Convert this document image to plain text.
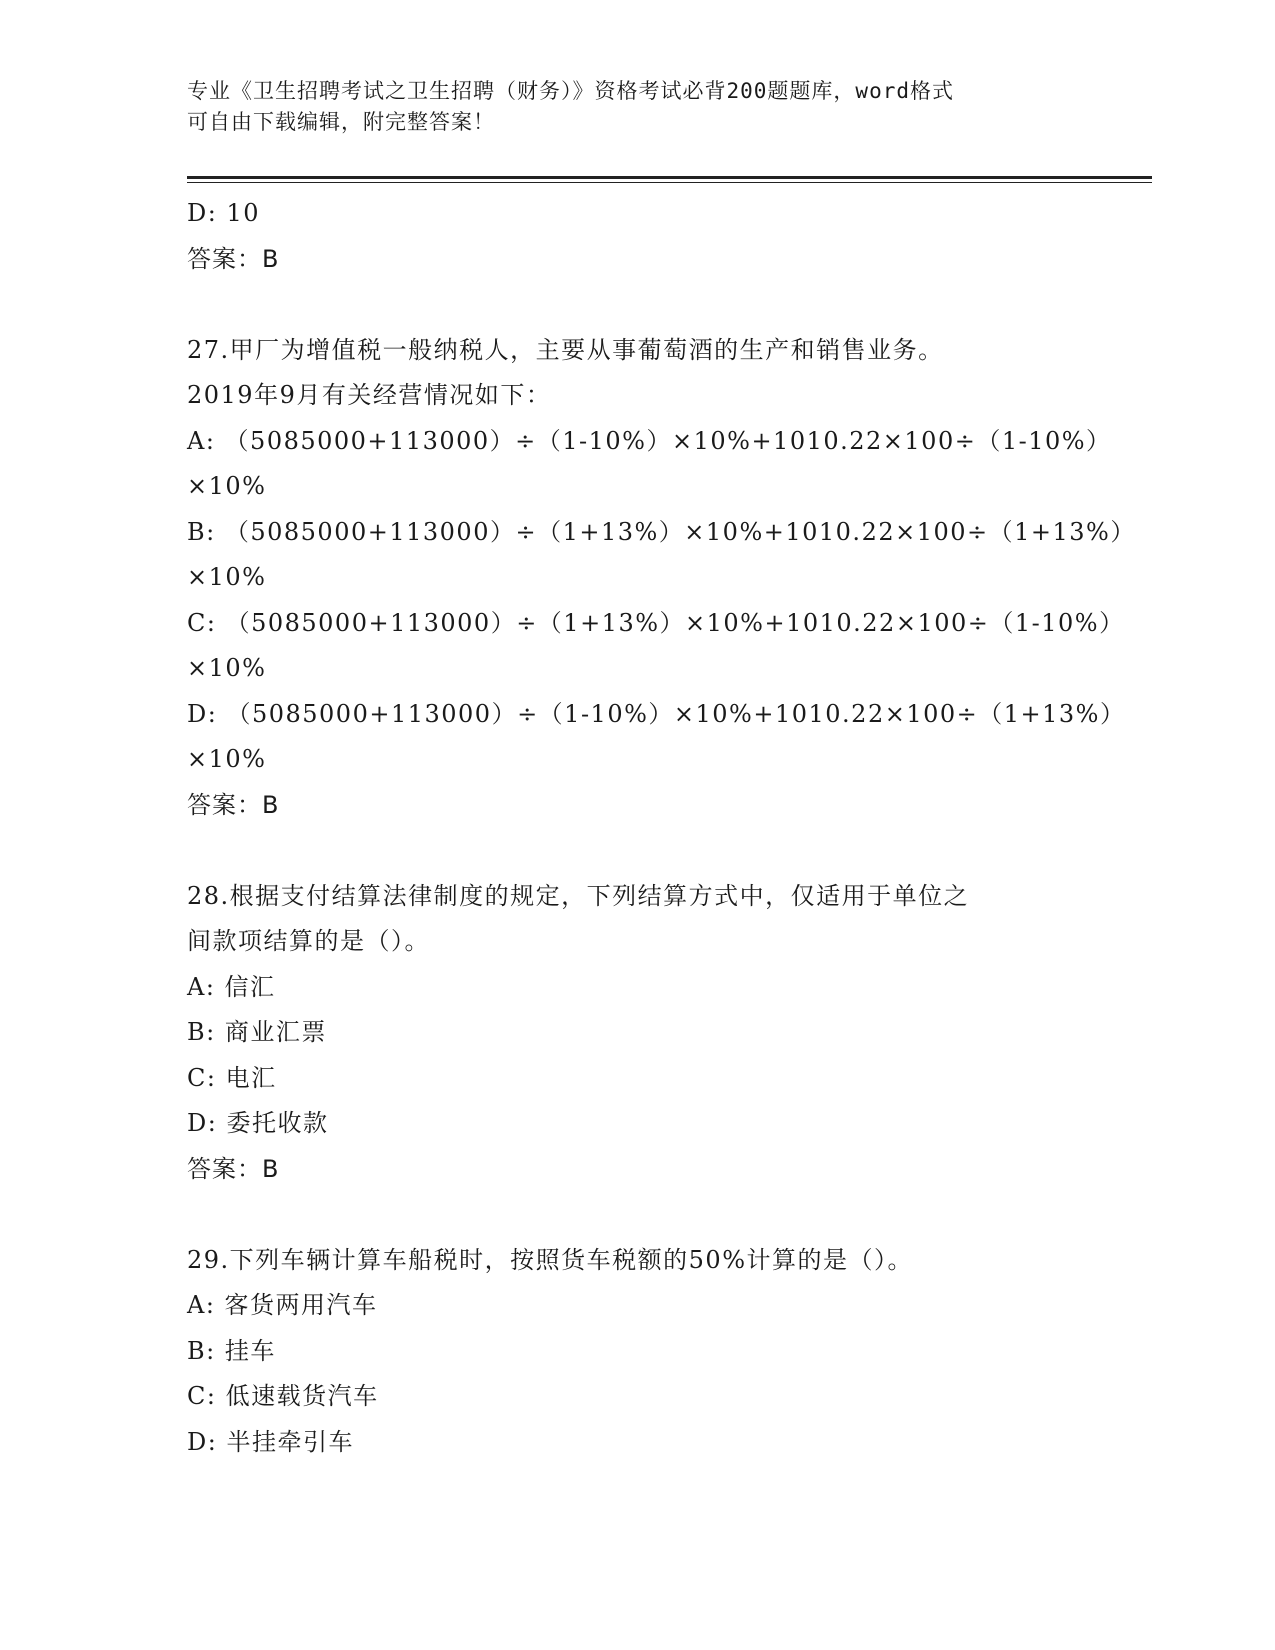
专业《卫生招聘考试之卫生招聘（财务）》资格考试必背200题题库，word格式
可自由下载编辑，附完整答案！
D: 10
答案：B
27.甲厂为增值税一般纳税人，主要从事葡萄酒的生产和销售业务。
2019年9月有关经营情况如下：
A: （5085000+113000）÷（1-10%）×10%+1010.22×100÷（1-10%）
×10%
B: （5085000+113000）÷（1+13%）×10%+1010.22×100÷（1+13%）
×10%
C: （5085000+113000）÷（1+13%）×10%+1010.22×100÷（1-10%）
×10%
D: （5085000+113000）÷（1-10%）×10%+1010.22×100÷（1+13%）
×10%
答案：B
28.根据支付结算法律制度的规定，下列结算方式中，仅适用于单位之
间款项结算的是（）。
A: 信汇
B: 商业汇票
C: 电汇
D: 委托收款
答案：B
29.下列车辆计算车船税时，按照货车税额的50%计算的是（）。
A: 客货两用汽车
B: 挂车
C: 低速载货汽车
D: 半挂牵引车
